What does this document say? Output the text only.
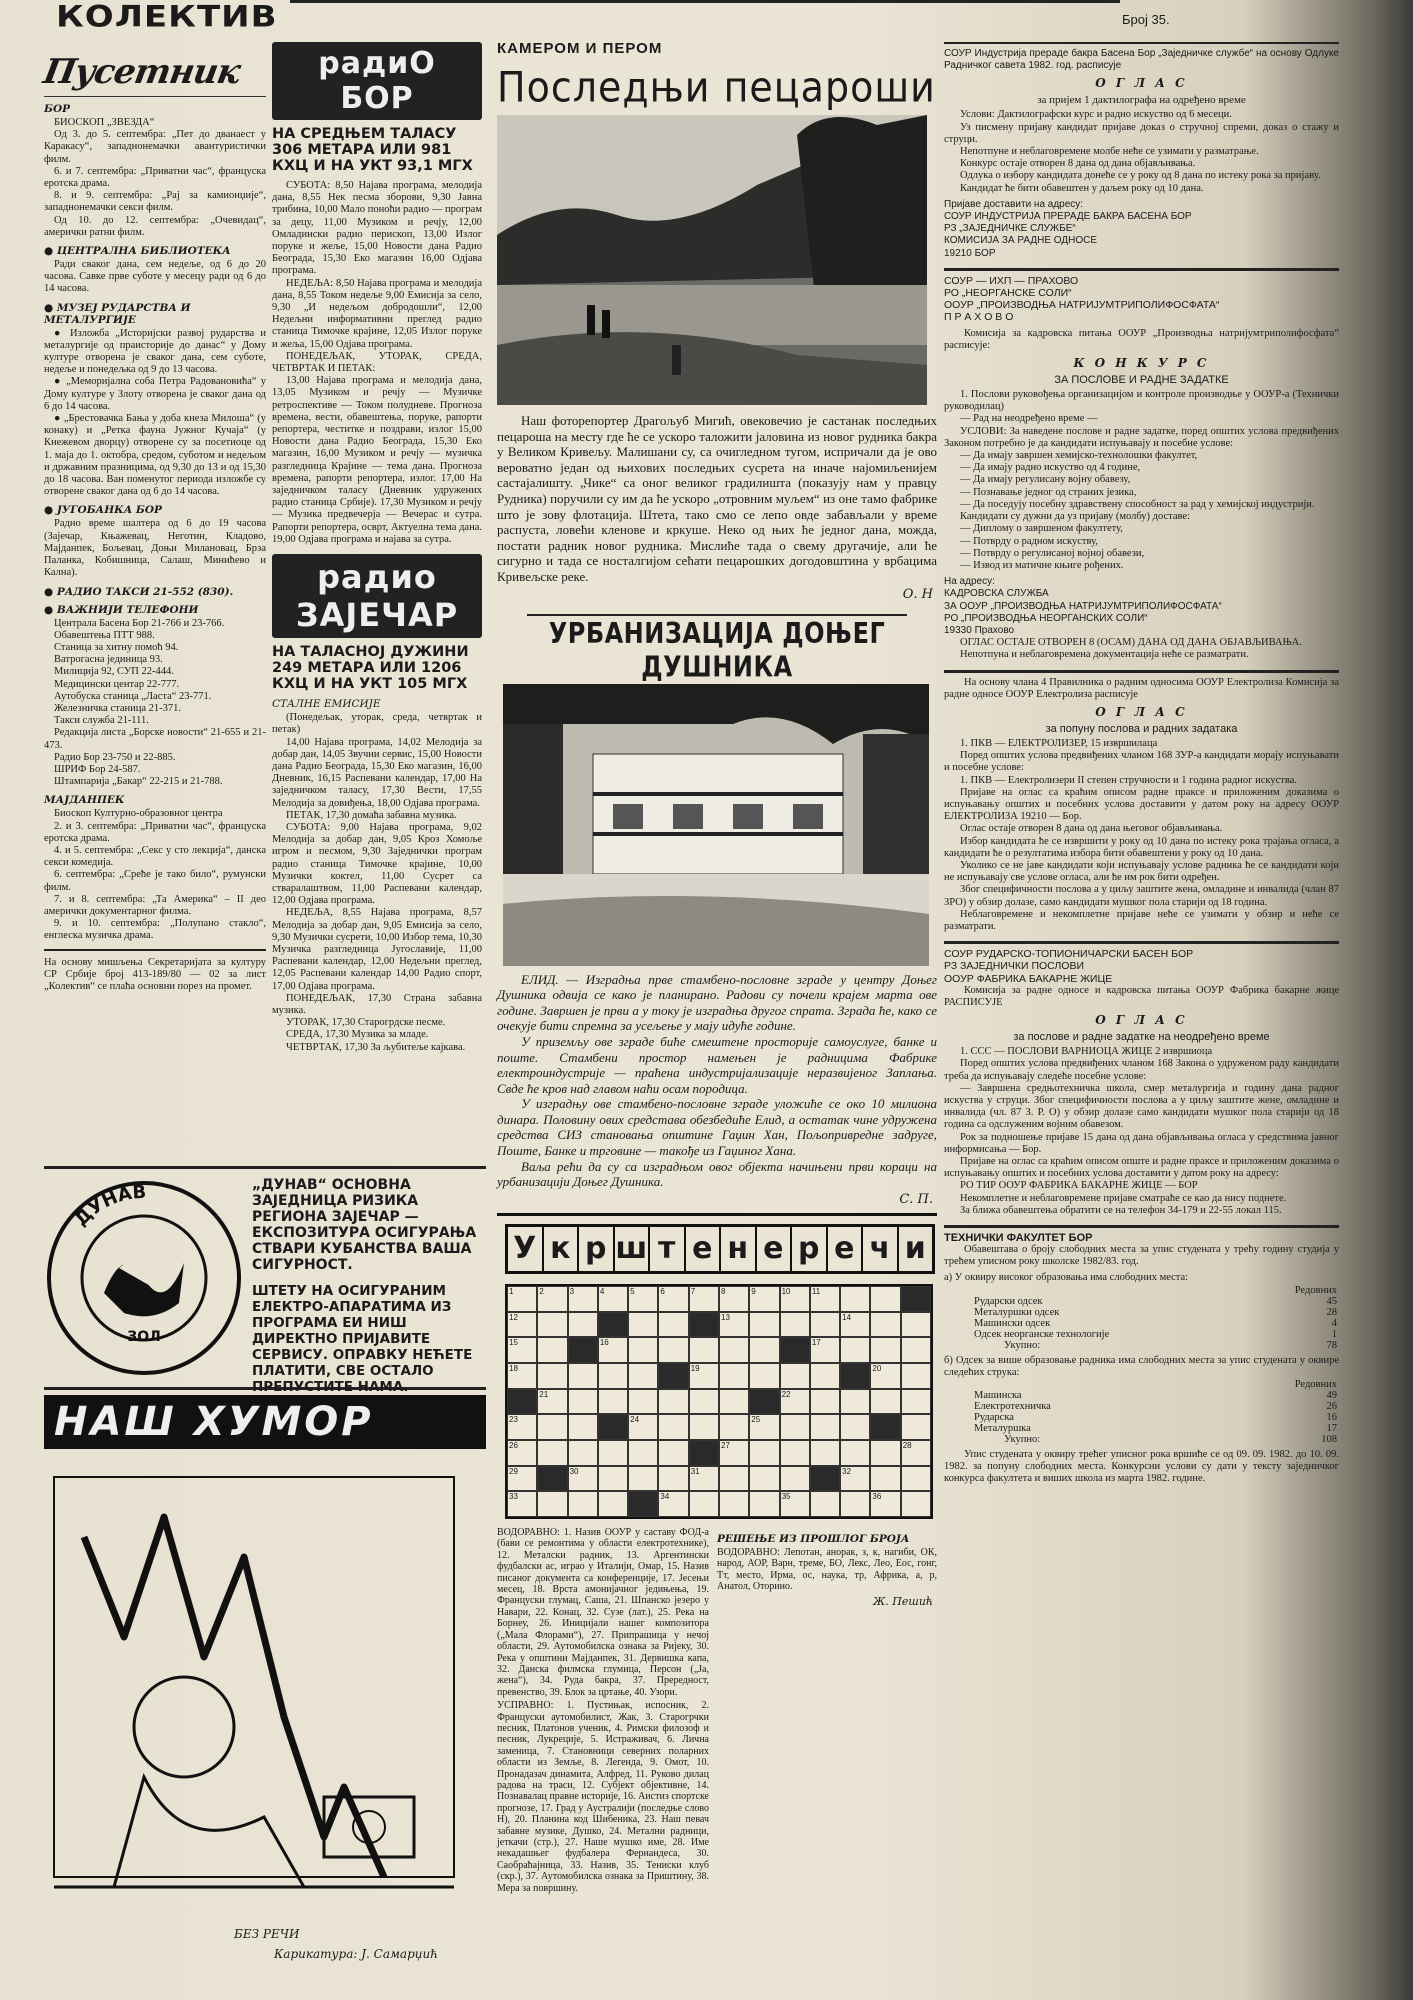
КОЛЕКТИВ	Број 35.
Пусетник
БОР

БИОСКОП „ЗВЕЗДА“

Од 3. до 5. септембра: „Пет до дванаест у Каракасу“, западнонемачки авантуристички филм.

6. и 7. септембра: „Приватни час“, француска еротска драма.

8. и 9. септембра: „Рај за камионџије“, западнонемачки секси филм.

Од 10. до 12. септембра: „Очевидац“, амерички ратни филм.

● ЦЕНТРАЛНА БИБЛИОТЕКА

Ради сваког дана, сем недеље, од 6 до 20 часова. Савке прве суботе у месецу ради од 6 до 14 часова.

● МУЗЕЈ РУДАРСТВА И МЕТАЛУРГИЈЕ

● Изложба „Историјски развој рударства и металургије од праисторије до данас“ у Дому културе отворена је сваког дана, сем суботе, недеље и понедељка од 9 до 13 часова.

● „Меморијална соба Петра Радовановића“ у Дому културе у Злоту отворена је сваког дана од 6 до 14 часова.

● „Брестовачка Бања у доба кнеза Милоша“ (у конаку) и „Ретка фауна Јужног Кучаја“ (у Кнежевом дворцу) отворене су за посетиоце од 1. маја до 1. октобра, средом, суботом и недељом и државним празницима, од 9,30 до 13 и од 15,30 до 18 часова. Ван поменутог периода изложбе су отворене сваког дана од 6 до 14 часова.

● ЈУГОБАНКА БОР

Радно време шалтера од 6 до 19 часова (Зајечар, Књажевац, Неготин, Кладово, Мајданпек, Бољевац, Доњи Милановац, Брза Паланка, Кобишница, Салаш, Минићево и Кална).

● РАДИО ТАКСИ 21-552 (830).
● ВАЖНИЈИ ТЕЛЕФОНИ

Централа Басена Бор 21-766 и 23-766.

Обавештења ПТТ 988.

Станица за хитну помоћ 94.

Ватрогасна јединица 93.

Милиција 92, СУП 22-444.

Медицински центар 22-777.

Аутобуска станица „Ласта“ 23-771.

Железничка станица 21-371.

Такси служба 21-111.

Редакција листа „Борске новости“ 21-655 и 21-473.

Радио Бор 23-750 и 22-885.

ШРИФ Бор 24-587.

Штампарија „Бакар“ 22-215 и 21-788.

МАЈДАНПЕК

Биоскоп Културно-образовног центра

2. и 3. септембра: „Приватни час“, француска еротска драма.

4. и 5. септембра: „Секс у сто лекција“, данска секси комедија.

6. септембра: „Среће је тако било“, румунски филм.

7. и 8. септембра: „Та Америка“ – II део амерички документарног филма.

9. и 10. септембра: „Полупано стакло“, енглеска музичка драма.

На основу мишљења Секретаријата за културу СР Србије број 413-189/80 — 02 за лист „Колектив“ се плаћа основни порез на промет.

радиО БОР
НА СРЕДЊЕМ ТАЛАСУ 306 МЕТАРА ИЛИ 981 КХЦ И НА УКТ 93,1 МГХ

СУБОТА: 8,50 Најава програма, мелодија дана, 8,55 Нек песма зборови, 9,30 Јавна трибина, 10,00 Мало поноћи радио — програм за децу, 11,00 Музиком и речју, 12,00 Омладински радио перископ, 13,00 Излог поруке и жеље, 15,00 Новости дана Радио Београда, 15,30 Еко магазин 16,00 Одјава програма.

НЕДЕЉА: 8,50 Најава програма и мелодија дана, 8,55 Током недеље 9,00 Емисија за село, 9,30 „И недељом добродошли“, 12,00 Недељни информативни преглед радио станица Тимочке крајине, 12,05 Излог поруке и жеља, 15,00 Одјава програма.

ПОНЕДЕЉАК, УТОРАК, СРЕДА, ЧЕТВРТАК И ПЕТАК:

13,00 Најава програма и мелодија дана, 13,05 Музиком и речју — Музичке ретроспективе — Током полудневе. Прогноза времена, вести, обавештења, поруке, рапорти репортера, честитке и поздрави, излог 15,00 Новости дана Радио Београда, 15,30 Еко магазин, 16,00 Музиком и речју — музичка разгледница Крајине — тема дана. Прогноза времена, рапорти репортера, излог. 17,00 На заједничком таласу (Дневник удружених радио станица Србије). 17,30 Музиком и речју — Музика предвечерја — Вечерас и сутра. Рапорти репортера, осврт, Актуелна тема дана. 19,00 Одјава програма и најава за сутра.

радио ЗАЈЕЧАР
НА ТАЛАСНОЈ ДУЖИНИ 249 МЕТАРА ИЛИ 1206 КХЦ И НА УКТ 105 МГХ
СТАЛНЕ ЕМИСИЈЕ

(Понедељак, уторак, среда, четвртак и петак)

14,00 Најава програма, 14,02 Мелодија за добар дан, 14,05 Звучни сервис, 15,00 Новости дана Радио Београда, 15,30 Еко магазин, 16,00 Дневник, 16,15 Распевани календар, 17,00 На заједничком таласу, 17,30 Вести, 17,55 Мелодија за довиђења, 18,00 Одјава програма.

ПЕТАК, 17,30 домаћа забавна музика.

СУБОТА: 9,00 Најава програма, 9,02 Мелодија за добар дан, 9,05 Кроз Хомоље игром и песмом, 9,30 Заједнички програм радио станица Тимочке крајине, 10,00 Музички коктел, 11,00 Сусрет са стваралаштвом, 11,00 Распевани календар, 12,00 Одјава програма.

НЕДЕЉА, 8,55 Најава програма, 8,57 Мелодија за добар дан, 9,05 Емисија за село, 9,30 Музички сусрети, 10,00 Избор тема, 10,30 Музичка разгледница Југославије, 11,00 Распевани календар, 12,00 Недељни преглед, 12,05 Распевани календар 14,00 Радио спорт, 17,00 Одјава програма.

ПОНЕДЕЉАК, 17,30 Страна забавна музика.

УТОРАК, 17,30 Старогрдске песме.

СРЕДА, 17,30 Музика за младе.

ЧЕТВРТАК, 17,30 За љубитеље кајкава.

ЗОЛ
ДУНАВ	„ДУНАВ“ ОСНОВНА ЗАЈЕДНИЦА РИЗИКА РЕГИОНА ЗАЈЕЧАР — ЕКСПОЗИТУРА ОСИГУРАЊА СТВАРИ КУБАНСТВА ВАША СИГУРНОСТ.
ШТЕТУ НА ОСИГУРАНИМ ЕЛЕКТРО-АПАРАТИМА ИЗ ПРОГРАМА ЕИ НИШ ДИРЕКТНО ПРИЈАВИТЕ СЕРВИСУ. ОПРАВКУ НЕЋЕТЕ ПЛАТИТИ, СВЕ ОСТАЛО ПРЕПУСТИТЕ НАМА.
НАШ ХУМОР
БЕЗ РЕЧИ
Карикатура: Ј. Самарџић
КАМЕРОМ И ПЕРОМ
Последњи пецароши

Наш фоторепортер Драгољуб Мигић, овековечио је састанак последњих пецароша на месту где ће се ускоро таложити јаловина из новог рудника бакра у Великом Кривељу. Малишани су, са очигледном тугом, испричали да је ово вероватно један од њихових последњих сусрета на иначе најомиљенијем састајалишту. „Чике“ са оног великог градилишта (показују нам у правцу Рудника) поручили су им да ће ускоро „отровним муљем“ из оне тамо фабрике што је зову флотација. Штета, тако смо се лепо овде забављали у време распуста, ловећи кленове и кркуше. Неко од њих ће једног дана, можда, постати радник новог рудника. Мислиће тада о свему другачије, али ће сигурно и тада се носталгијом сећати пецарошких догодовштина у врбацима Кривељске реке.

О. Н
УРБАНИЗАЦИЈА ДОЊЕГ ДУШНИКА

ЕЛИД. — Изградња прве стамбено-пословне зграде у центру Доњег Душника одвија се како је планирано. Радови су почели крајем марта ове године. Завршен је први а у току је изградња другог спрата. Зграда ће, како се очекује бити спремна за усељење у мају идуће године.

У приземљу ове зграде биће смештене просторије самоуслуге, банке и поште. Стамбени простор намењен је радницима Фабрике електроиндустрије — праћена индустријализације неразвијеног Заплања. Свде ће кров над главом наћи осам породица.

У изградњу ове стамбено-пословне зграде уложиће се око 10 милиона динара. Половину ових средстава обезбедиће Елид, а остатак чине удружена средства СИЗ становања општине Гаџин Хан, Пољопривредне задруге, Поште, Банке и трговине — такође из Гаџиног Хана.

Ваља рећи да су са изградњом овог објекта начињени први кораци на урбанизацији Доњег Душника.

С. П.
У к р ш т е н е р е ч и
1	2	3	4	5	6	7	8	9	10	11
12	13	14
15	16	17
18	19	20
21	22
23	24	25
26	27	28
29	30	31	32
33	34	35	36

ВОДОРАВНО: 1. Назив ООУР у саставу ФОД-а (бави се ремонтима у области електротехнике), 12. Металски радник, 13. Аргентински фудбалски ас, играо у Италији, Омар, 15. Назив писаног документа са конференције, 17. Јесењи месец, 18. Врста амонијачног једињења, 19. Француски глумац, Саша, 21. Шпанско језеро у Навари, 22. Конац, 32. Сузе (лат.), 25. Река на Борнеу, 26. Иницијали нашег композитора („Мала Флорами“), 27. Припрашица у нечој области, 29. Аутомобилска ознака за Ријеку, 30. Река у општини Мајданпек, 31. Дервишка капа, 32. Данска филмска глумица, Персон („Ја, жена“), 34. Руда бакра, 37. Прередност, превенство, 39. Блок за цртање, 40. Узори.

УСПРАВНО: 1. Пустињак, испосник, 2. Француски аутомобилист, Жак, 3. Старогрчки песник, Платонов ученик, 4. Римски филозоф и песник, Лукреције, 5. Истраживач, 6. Лична заменица, 7. Становници северних поларних области из Земље, 8. Легенда, 9. Омот, 10. Пронадазач динамита, Алфред, 11. Руково дилац радова на траси, 12. Субјект објективне, 14. Познавалац правне историје, 16. Аистиз спортске прогнозе, 17. Град у Аустралији (последње слово Н), 20. Планина код Шибеника, 23. Наш певач забавне музике, Душко, 24. Метални радници, јеткачи (стр.), 27. Наше мушко име, 28. Име некадашњег фудбалера Фернандеса, 30. Саобраћајница, 33. Назив, 35. Тениски клуб (скр.), 37. Аутомобилска ознака за Приштину, 38. Мера за површину.

РЕШЕЊЕ ИЗ ПРОШЛОГ БРОЈА

ВОДОРАВНО: Лепотан, анорак, з, к, нагиби, ОК, народ, АОР, Варн, треме, БО, Лекс, Лео, Еос, гонг, Тт, место, Ирма, ос, наука, тр, Африка, а, р, Анатол, Оторино.

Ж. Пешић

СОУР Индустрија прераде бакра Басена Бор „Заједничке службе“ на основу Одлуке Радничког савета 1982. год. расписује

О Г Л А С
за пријем 1 дактилографа на одређено време

Услови: Дактилографски курс и радно искуство од 6 месеци.

Уз писмену пријаву кандидат пријаве доказ о стручној спреми, доказ о стажу и струци.

Непотпуне и неблаговремене молбе неће се узимати у разматрање.

Конкурс остаје отворен 8 дана од дана објављивања.

Одлука о избору кандидата донеће се у року од 8 дана по истеку рока за пријаву.

Кандидат ће бити обавештен у даљем року од 10 дана.

Пријаве доставити на адресу:
СОУР ИНДУСТРИЈА ПРЕРАДЕ БАКРА БАСЕНА БОР
РЗ „ЗАЈЕДНИЧКЕ СЛУЖБЕ“
КОМИСИЈА ЗА РАДНЕ ОДНОСЕ
19210 БОР

СОУР — ИХП — ПРАХОВО
РО „НЕОРГАНСКЕ СОЛИ“
ООУР „ПРОИЗВОДЊА НАТРИЈУМТРИПОЛИФОСФАТА“
П Р А Х О В О

Комисија за кадровска питања ООУР „Производња натријумтриполифосфата“ расписује:

К О Н К У Р С
ЗА ПОСЛОВЕ И РАДНЕ ЗАДАТКЕ

1. Послови руковођења организацијом и контроле производње у ООУР-а (Технички руководилац)

— Рад на неодређено време —

УСЛОВИ: За наведене послове и радне задатке, поред општих услова предвиђених Законом потребно је да кандидати испуњавају и посебне услове:

— Да имају завршен хемијско-технолошки факултет,

— Да имају радно искуство од 4 године,

— Да имају регулисану војну обавезу,

— Познавање једног од страних језика,

— Да поседују посебну здравствену способност за рад у хемијској индустрији.

Кандидати су дужни да уз пријаву (молбу) доставе:

— Диплому о завршеном факултету,

— Потврду о радном искуству,

— Потврду о регулисаној војној обавези,

— Извод из матичне књиге рођених.

На адресу:
КАДРОВСКА СЛУЖБА
ЗА ООУР „ПРОИЗВОДЊА НАТРИЈУМТРИПОЛИФОСФАТА“
РО „ПРОИЗВОДЊА НЕОРГАНСКИХ СОЛИ“
19330 Прахово

ОГЛАС ОСТАЈЕ ОТВОРЕН 8 (ОСАМ) ДАНА ОД ДАНА ОБЈАВЉИВАЊА.

Непотпуна и неблаговремена документација неће се разматрати.

На основу члана 4 Правилника о радним односима ООУР Електролиза Комисија за радне односе ООУР Електролиза расписује

О Г Л А С
за попуну послова и радних задатака

1. ПКВ — ЕЛЕКТРОЛИЗЕР, 15 извршилаца

Поред општих услова предвиђених чланом 168 ЗУР-а кандидати морају испуњавати и посебне услове:

1. ПКВ — Електролизери II степен стручности и 1 година радног искуства.

Пријаве на оглас са краћим описом радне праксе и приложеним доказима о испуњавању општих и посебних услова доставити у датом року на адресу ООУР ЕЛЕКТРОЛИЗА 19210 — Бор.

Оглас остаје отворен 8 дана од дана његовог објављивања.

Избор кандидата ће се извршити у року од 10 дана по истеку рока трајања огласа, а кандидати ће о резултатима избора бити обавештени у року од 10 дана.

Уколико се не јаве кандидати који испуњавају услове радника ће се кандидати који не испуњавају све услове огласа, али ће им рок бити одређен.

Због специфичности послова а у циљу заштите жена, омладине и инвалида (члан 87 ЗРО) у обзир долазе, само кандидати мушког пола старији од 18 година.

Неблаговремене и некомплетне пријаве неће се узимати у обзир и неће се разматрати.

СОУР РУДАРСКО-ТОПИОНИЧАРСКИ БАСЕН БОР
РЗ ЗАЈЕДНИЧКИ ПОСЛОВИ
ООУР ФАБРИКА БАКАРНЕ ЖИЦЕ

Комисија за радне односе и кадровска питања ООУР Фабрика бакарне жице РАСПИСУЈЕ

О Г Л А С
за послове и радне задатке на неодређено време

1. ССС — ПОСЛОВИ ВАРНИОЦА ЖИЦЕ 2 извршиоца

Поред општих услова предвиђених чланом 168 Закона о удруженом раду кандидати треба да испуњавају следеће посебне услове:

— Завршена средњотехничка школа, смер металургија и годину дана радног искуства у струци. Због специфичности послова а у циљу заштите жене, омладине и инвалида (чл. 87 З. Р. О) у обзир долазе само кандидати мушког пола старији од 18 година са одслуженим војним обавезом.

Рок за подношење пријаве 15 дана од дана објављивања огласа у средствима јавног информисања — Бор.

Пријаве на оглас са краћим описом опште и радне праксе и приложеним доказима о испуњавању општих и посебних услова доставити у датом року на адресу:

РО ТИР ООУР ФАБРИКА БАКАРНЕ ЖИЦЕ — БОР

Некомплетне и неблаговремене пријаве сматраће се као да нису поднете.

За ближа обавештења обратити се на телефон 34-179 и 22-55 локал 115.

ТЕХНИЧКИ ФАКУЛТЕТ БОР

Обавештава о броју слободних места за упис студената у трећу годину студија у трећем уписном року школске 1982/83. год.

а) У оквиру високог образовања има слободних места:

	Редовних
Рударски одсек	45
Металуршки одсек	28
Машински одсек	4
Одсек неорганске технологије	1
Укупно:	78

б) Одсек за више образовање радника има слободних места за упис студената у оквире следећих струка:

	Редовних
Машинска	49
Електротехничка	26
Рударска	16
Металуршка	17
Укупно:	108

Упис студената у оквиру трећег уписног рока вршиће се од 09. 09. 1982. до 10. 09. 1982. за попуну слободних места. Конкурсни услови су дати у тексту заједничког конкурса факултета и виших школа из марта 1982. године.
